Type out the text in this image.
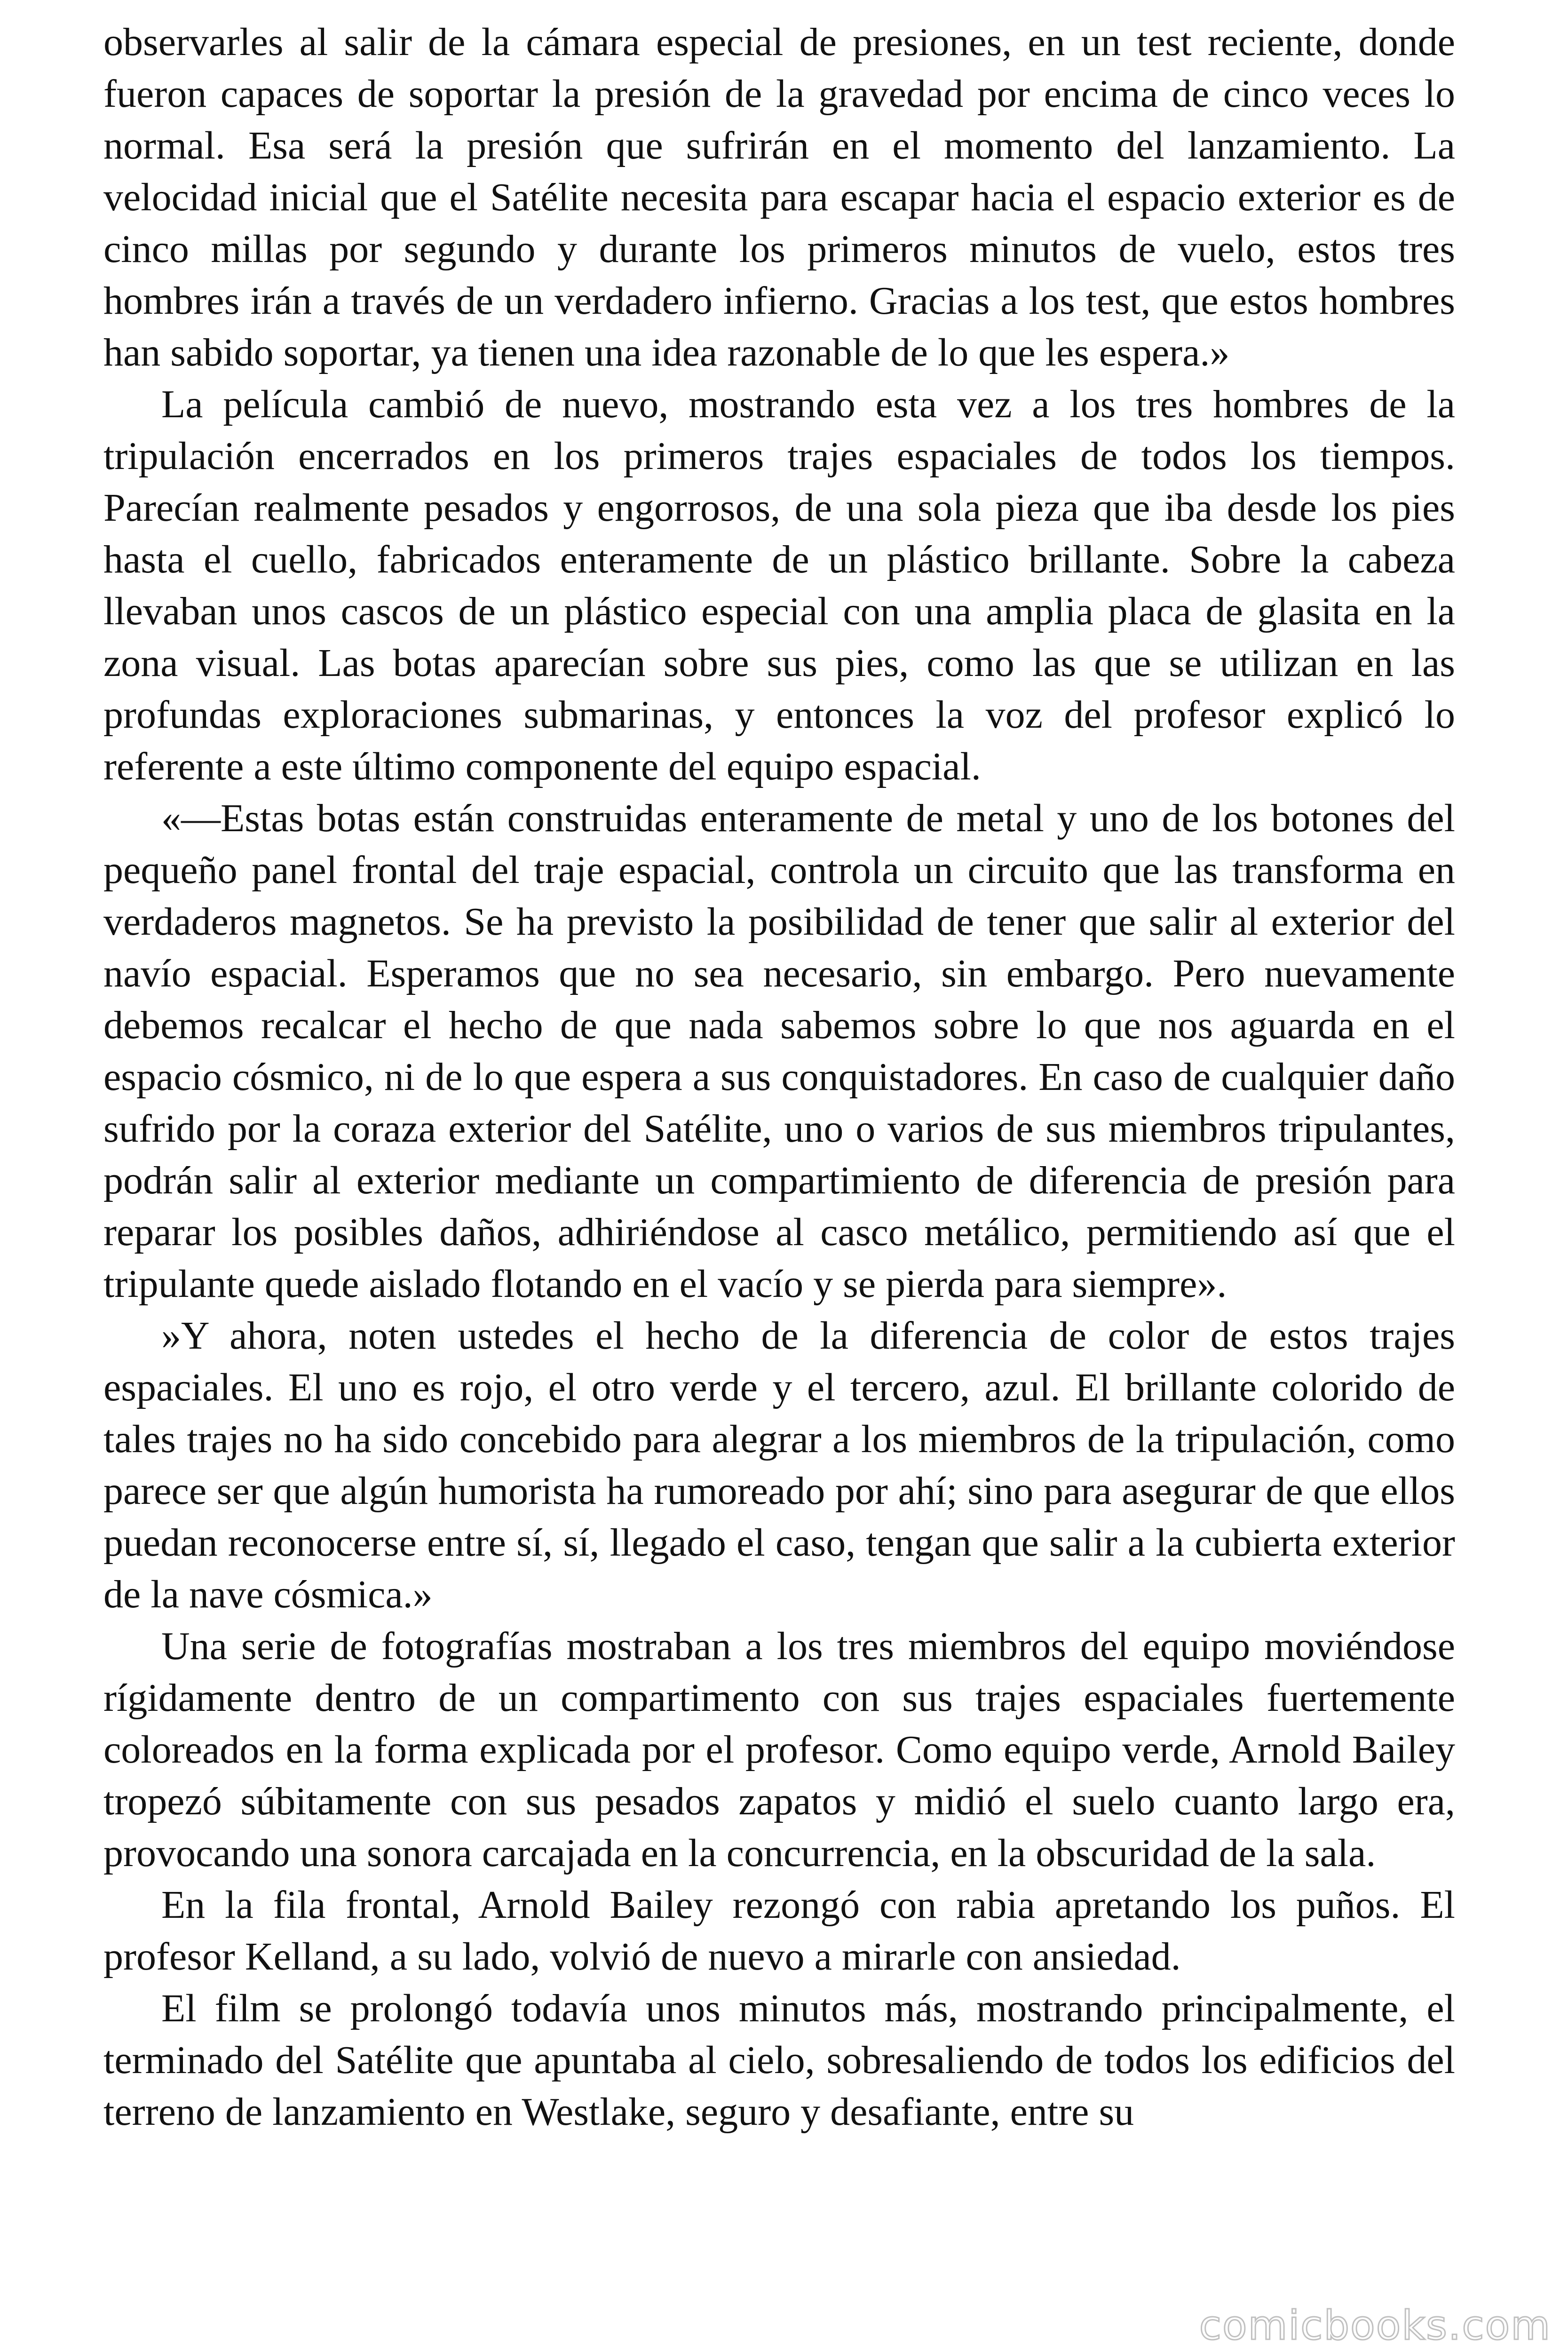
observarles al salir de la cámara especial de presiones, en un test reciente, donde fueron capaces de soportar la presión de la gravedad por encima de cinco veces lo normal. Esa será la presión que sufrirán en el momento del lanzamiento. La velocidad inicial que el Satélite necesita para escapar hacia el espacio exterior es de cinco millas por segundo y durante los primeros minutos de vuelo, estos tres hombres irán a través de un verdadero infierno. Gracias a los test, que estos hombres han sabido soportar, ya tienen una idea razonable de lo que les espera.»

La película cambió de nuevo, mostrando esta vez a los tres hombres de la tripulación encerrados en los primeros trajes espaciales de todos los tiempos. Parecían realmente pesados y engorrosos, de una sola pieza que iba desde los pies hasta el cuello, fabricados enteramente de un plástico brillante. Sobre la cabeza llevaban unos cascos de un plástico especial con una amplia placa de glasita en la zona visual. Las botas aparecían sobre sus pies, como las que se utilizan en las profundas exploraciones submarinas, y entonces la voz del profesor explicó lo referente a este último componente del equipo espacial.

«—Estas botas están construidas enteramente de metal y uno de los botones del pequeño panel frontal del traje espacial, controla un circuito que las transforma en verdaderos magnetos. Se ha previsto la posibilidad de tener que salir al exterior del navío espacial. Esperamos que no sea necesario, sin embargo. Pero nuevamente debemos recalcar el hecho de que nada sabemos sobre lo que nos aguarda en el espacio cósmico, ni de lo que espera a sus conquistadores. En caso de cualquier daño sufrido por la coraza exterior del Satélite, uno o varios de sus miembros tripulantes, podrán salir al exterior mediante un compartimiento de diferencia de presión para reparar los posibles daños, adhiriéndose al casco metálico, permitiendo así que el tripulante quede aislado flotando en el vacío y se pierda para siempre».

»Y ahora, noten ustedes el hecho de la diferencia de color de estos trajes espaciales. El uno es rojo, el otro verde y el tercero, azul. El brillante colorido de tales trajes no ha sido concebido para alegrar a los miembros de la tripulación, como parece ser que algún humorista ha rumoreado por ahí; sino para asegurar de que ellos puedan reconocerse entre sí, sí, llegado el caso, tengan que salir a la cubierta exterior de la nave cósmica.»

Una serie de fotografías mostraban a los tres miembros del equipo moviéndose rígidamente dentro de un compartimento con sus trajes espaciales fuertemente coloreados en la forma explicada por el profesor. Como equipo verde, Arnold Bailey tropezó súbitamente con sus pesados zapatos y midió el suelo cuanto largo era, provocando una sonora carcajada en la concurrencia, en la obscuridad de la sala.

En la fila frontal, Arnold Bailey rezongó con rabia apretando los puños. El profesor Kelland, a su lado, volvió de nuevo a mirarle con ansiedad.

El film se prolongó todavía unos minutos más, mostrando principalmente, el terminado del Satélite que apuntaba al cielo, sobresaliendo de todos los edificios del terreno de lanzamiento en Westlake, seguro y desafiante, entre su

comicbooks.com
